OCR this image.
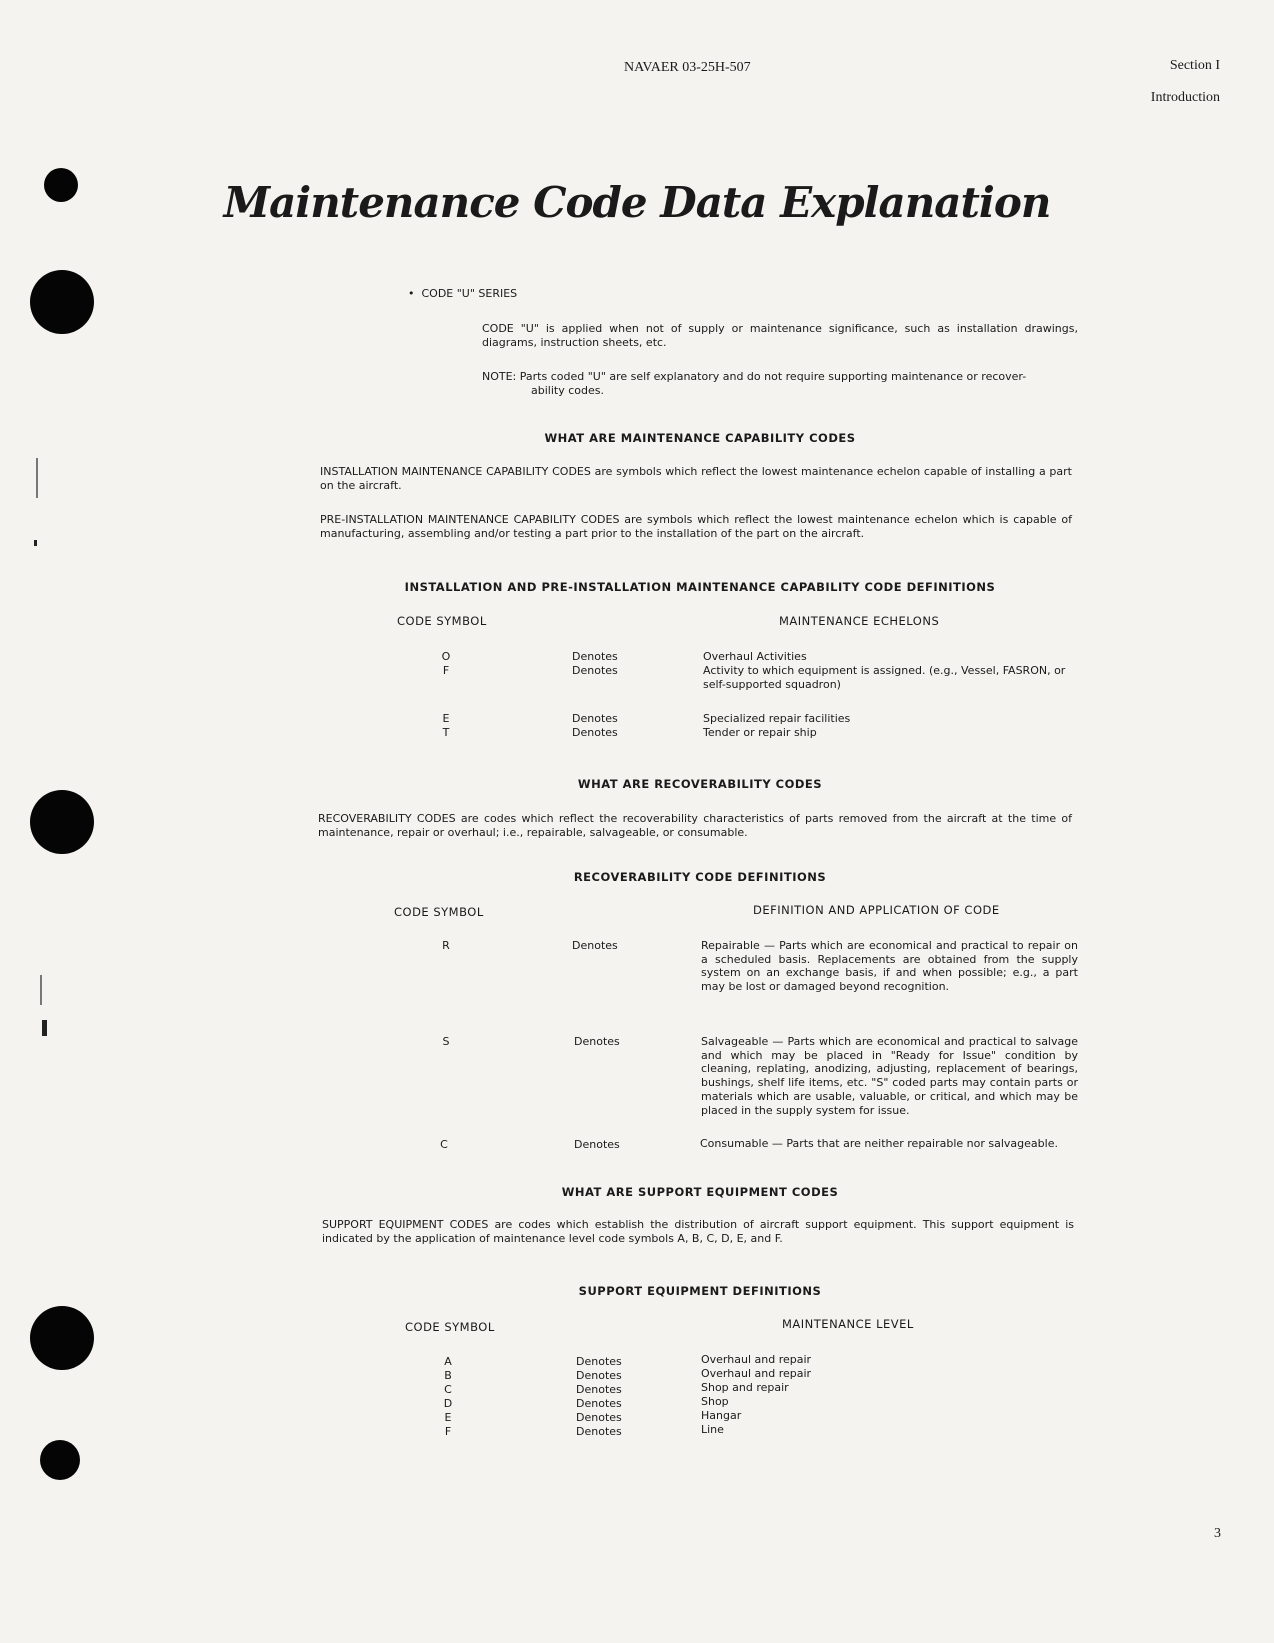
NAVAER 03-25H-507	Section I
Introduction
Maintenance Code Data Explanation
•  CODE "U" SERIES
CODE "U" is applied when not of supply or maintenance significance, such as installation drawings, diagrams, instruction sheets, etc.
NOTE: Parts coded "U" are self explanatory and do not require supporting maintenance or recover-
ability codes.
WHAT ARE MAINTENANCE CAPABILITY CODES
INSTALLATION MAINTENANCE CAPABILITY CODES are symbols which reflect the lowest maintenance echelon capable of installing a part on the aircraft.
PRE-INSTALLATION MAINTENANCE CAPABILITY CODES are symbols which reflect the lowest maintenance echelon which is capable of manufacturing, assembling and/or testing a part prior to the installation of the part on the aircraft.
INSTALLATION AND PRE-INSTALLATION MAINTENANCE CAPABILITY CODE DEFINITIONS
CODE SYMBOL	MAINTENANCE ECHELONS
O	Denotes	Overhaul Activities
F	Denotes	Activity to which equipment is assigned. (e.g., Vessel, FASRON, or self-supported squadron)
E	Denotes	Specialized repair facilities
T	Denotes	Tender or repair ship
WHAT ARE RECOVERABILITY CODES
RECOVERABILITY CODES are codes which reflect the recoverability characteristics of parts removed from the aircraft at the time of maintenance, repair or overhaul; i.e., repairable, salvageable, or consumable.
RECOVERABILITY CODE DEFINITIONS
CODE SYMBOL	DEFINITION AND APPLICATION OF CODE
R	Denotes	Repairable — Parts which are economical and practical to repair on a scheduled basis. Replacements are obtained from the supply system on an exchange basis, if and when possible; e.g., a part may be lost or damaged beyond recognition.
S	Denotes	Salvageable — Parts which are economical and practical to salvage and which may be placed in "Ready for Issue" condition by cleaning, replating, anodizing, adjusting, replacement of bearings, bushings, shelf life items, etc. "S" coded parts may contain parts or materials which are usable, valuable, or critical, and which may be placed in the supply system for issue.
C	Denotes	Consumable — Parts that are neither repairable nor salvageable.
WHAT ARE SUPPORT EQUIPMENT CODES
SUPPORT EQUIPMENT CODES are codes which establish the distribution of aircraft support equipment. This support equipment is indicated by the application of maintenance level code symbols A, B, C, D, E, and F.
SUPPORT EQUIPMENT DEFINITIONS
CODE SYMBOL	MAINTENANCE LEVEL
A	Denotes	Overhaul and repair
B	Denotes	Overhaul and repair
C	Denotes	Shop and repair
D	Denotes	Shop
E	Denotes	Hangar
F	Denotes	Line
3
